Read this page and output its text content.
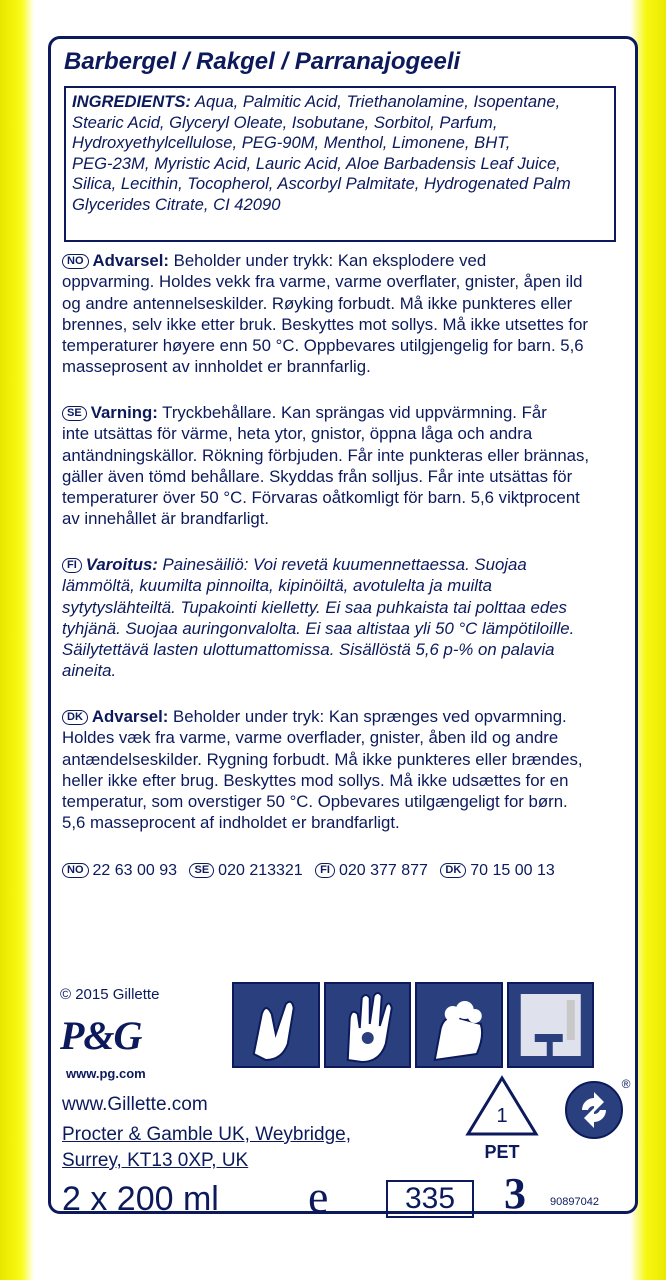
Barbergel / Rakgel / Parranajogeeli

INGREDIENTS: Aqua, Palmitic Acid, Triethanolamine, Isopentane,
Stearic Acid, Glyceryl Oleate, Isobutane, Sorbitol, Parfum,
Hydroxyethylcellulose, PEG-90M, Menthol, Limonene, BHT,
PEG-23M, Myristic Acid, Lauric Acid, Aloe Barbadensis Leaf Juice,
Silica, Lecithin, Tocopherol, Ascorbyl Palmitate, Hydrogenated Palm
Glycerides Citrate, CI 42090

NO Advarsel: Beholder under trykk: Kan eksplodere ved
oppvarming. Holdes vekk fra varme, varme overflater, gnister, åpen ild
og andre antennelseskilder. Røyking forbudt. Må ikke punkteres eller
brennes, selv ikke etter bruk. Beskyttes mot sollys. Må ikke utsettes for
temperaturer høyere enn 50 °C. Oppbevares utilgjengelig for barn. 5,6
masseprosent av innholdet er brannfarlig.
SE Varning: Tryckbehållare. Kan sprängas vid uppvärmning. Får
inte utsättas för värme, heta ytor, gnistor, öppna låga och andra
antändningskällor. Rökning förbjuden. Får inte punkteras eller brännas,
gäller även tömd behållare. Skyddas från solljus. Får inte utsättas för
temperaturer över 50 °C. Förvaras oåtkomligt för barn. 5,6 viktprocent
av innehållet är brandfarligt.
FI Varoitus: Painesäiliö: Voi revetä kuumennettaessa. Suojaa
lämmöltä, kuumilta pinnoilta, kipinöiltä, avotulelta ja muilta
sytytyslähteiltä. Tupakointi kielletty. Ei saa puhkaista tai polttaa edes
tyhjänä. Suojaa auringonvalolta. Ei saa altistaa yli 50 °C lämpötiloille.
Säilytettävä lasten ulottumattomissa. Sisällöstä 5,6 p-% on palavia
aineita.
DK Advarsel: Beholder under tryk: Kan sprænges ved opvarmning.
Holdes væk fra varme, varme overflader, gnister, åben ild og andre
antændelseskilder. Rygning forbudt. Må ikke punkteres eller brændes,
heller ikke efter brug. Beskyttes mod sollys. Må ikke udsættes for en
temperatur, som overstiger 50 °C. Opbevares utilgængeligt for børn.
5,6 masseprocent af indholdet er brandfarligt.
NO 22 63 00 93 SE 020 213321 FI 020 377 877 DK 70 15 00 13
© 2015 Gillette
P&G
www.pg.com
www.Gillette.com
Procter & Gamble UK, Weybridge,
Surrey, KT13 0XP, UK
1
PET
®
2 x 200 ml e	335	3 90897042
